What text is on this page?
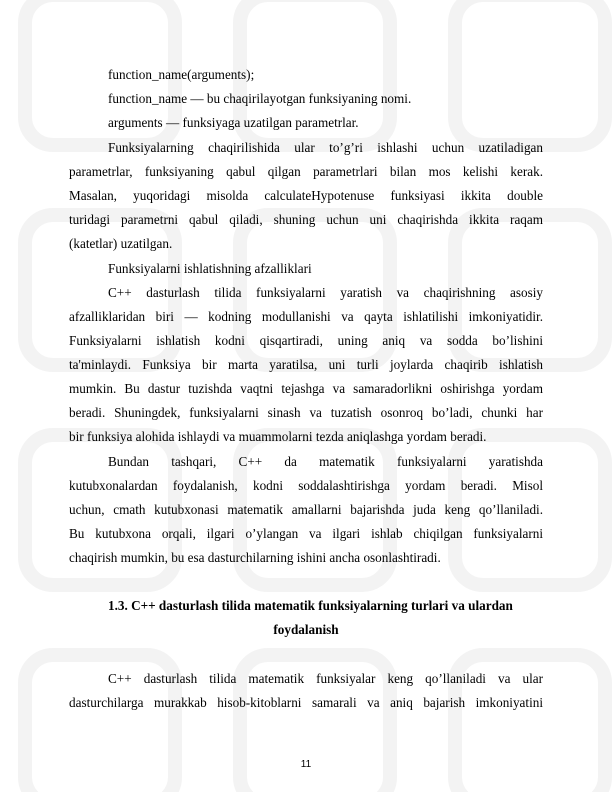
function_name(arguments);
function_name — bu chaqirilayotgan funksiyaning nomi.
arguments — funksiyaga uzatilgan parametrlar.
Funksiyalarning chaqirilishida ular to’g’ri ishlashi uchun uzatiladigan
parametrlar, funksiyaning qabul qilgan parametrlari bilan mos kelishi kerak.
Masalan, yuqoridagi misolda calculateHypotenuse funksiyasi ikkita double
turidagi parametrni qabul qiladi, shuning uchun uni chaqirishda ikkita raqam
(katetlar) uzatilgan.
Funksiyalarni ishlatishning afzalliklari
C++ dasturlash tilida funksiyalarni yaratish va chaqirishning asosiy
afzalliklaridan biri — kodning modullanishi va qayta ishlatilishi imkoniyatidir.
Funksiyalarni ishlatish kodni qisqartiradi, uning aniq va sodda bo’lishini
ta'minlaydi. Funksiya bir marta yaratilsa, uni turli joylarda chaqirib ishlatish
mumkin. Bu dastur tuzishda vaqtni tejashga va samaradorlikni oshirishga yordam
beradi. Shuningdek, funksiyalarni sinash va tuzatish osonroq bo’ladi, chunki har
bir funksiya alohida ishlaydi va muammolarni tezda aniqlashga yordam beradi.
Bundan tashqari, C++ da matematik funksiyalarni yaratishda
kutubxonalardan foydalanish, kodni soddalashtirishga yordam beradi. Misol
uchun, cmath kutubxonasi matematik amallarni bajarishda juda keng qo’llaniladi.
Bu kutubxona orqali, ilgari o’ylangan va ilgari ishlab chiqilgan funksiyalarni
chaqirish mumkin, bu esa dasturchilarning ishini ancha osonlashtiradi.
1.3. C++ dasturlash tilida matematik funksiyalarning turlari va ulardan
foydalanish
C++ dasturlash tilida matematik funksiyalar keng qo’llaniladi va ular
dasturchilarga murakkab hisob-kitoblarni samarali va aniq bajarish imkoniyatini
11
